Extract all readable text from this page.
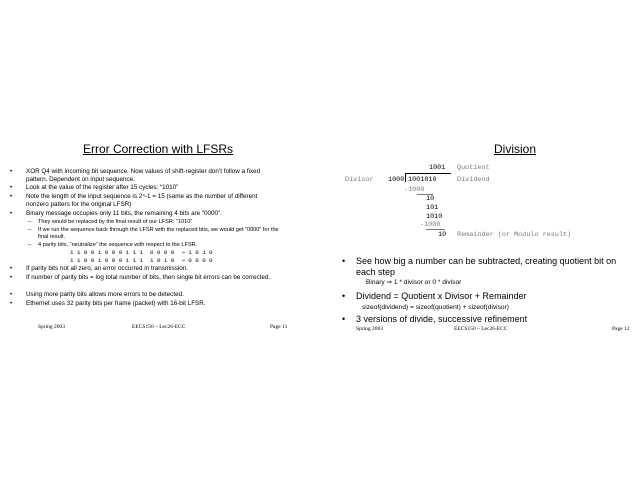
Error Correction with LFSRs
• XOR Q4 with incoming bit sequence. Now values of shift-register don’t follow a fixed pattern. Dependent on input sequence.
• Look at the value of the register after 15 cycles: “1010”
• Note the length of the input sequence is 2⁴-1 = 15 (same as the number of different nonzero patters for the original LFSR)
• Binary message occupies only 11 bits, the remaining 4 bits are “0000”.
– They would be replaced by the final result of our LFSR: “1010”
– If we run the sequence back through the LFSR with the replaced bits, we would get “0000” for the final result.
– 4 parity bits, “neutralize” the sequence with respect to the LFSR.
1 1 0 0 1 0 0 0 1 1 1  0 0 0 0  ⇒ 1 0 1 0
1 1 0 0 1 0 0 0 1 1 1  1 0 1 0  ⇒ 0 0 0 0
• If parity bits not all zero, an error occurred in transmission.
• If number of parity bits = log total number of bits, then single bit errors can be corrected.
• Using more parity bits allows more errors to be detected.
• Ethernet uses 32 parity bits per frame (packet) with 16-bit LFSR.
Spring 2003	EECS150 – Lec26-ECC	Page 11
Division
1001 Quotient
Divisor 1000 1001010	Dividend
-1000
10
101
1010
-1000
10 Remainder (or Modulo result)
• See how big a number can be subtracted, creating quotient bit on each step
Binary ⇒ 1 * divisor or 0 * divisor
• Dividend = Quotient x Divisor + Remainder
sizeof(dividend) = sizeof(quotient) + sizeof(divisor)
• 3 versions of divide, successive refinement
Spring 2003	EECS150 – Lec26-ECC	Page 12
